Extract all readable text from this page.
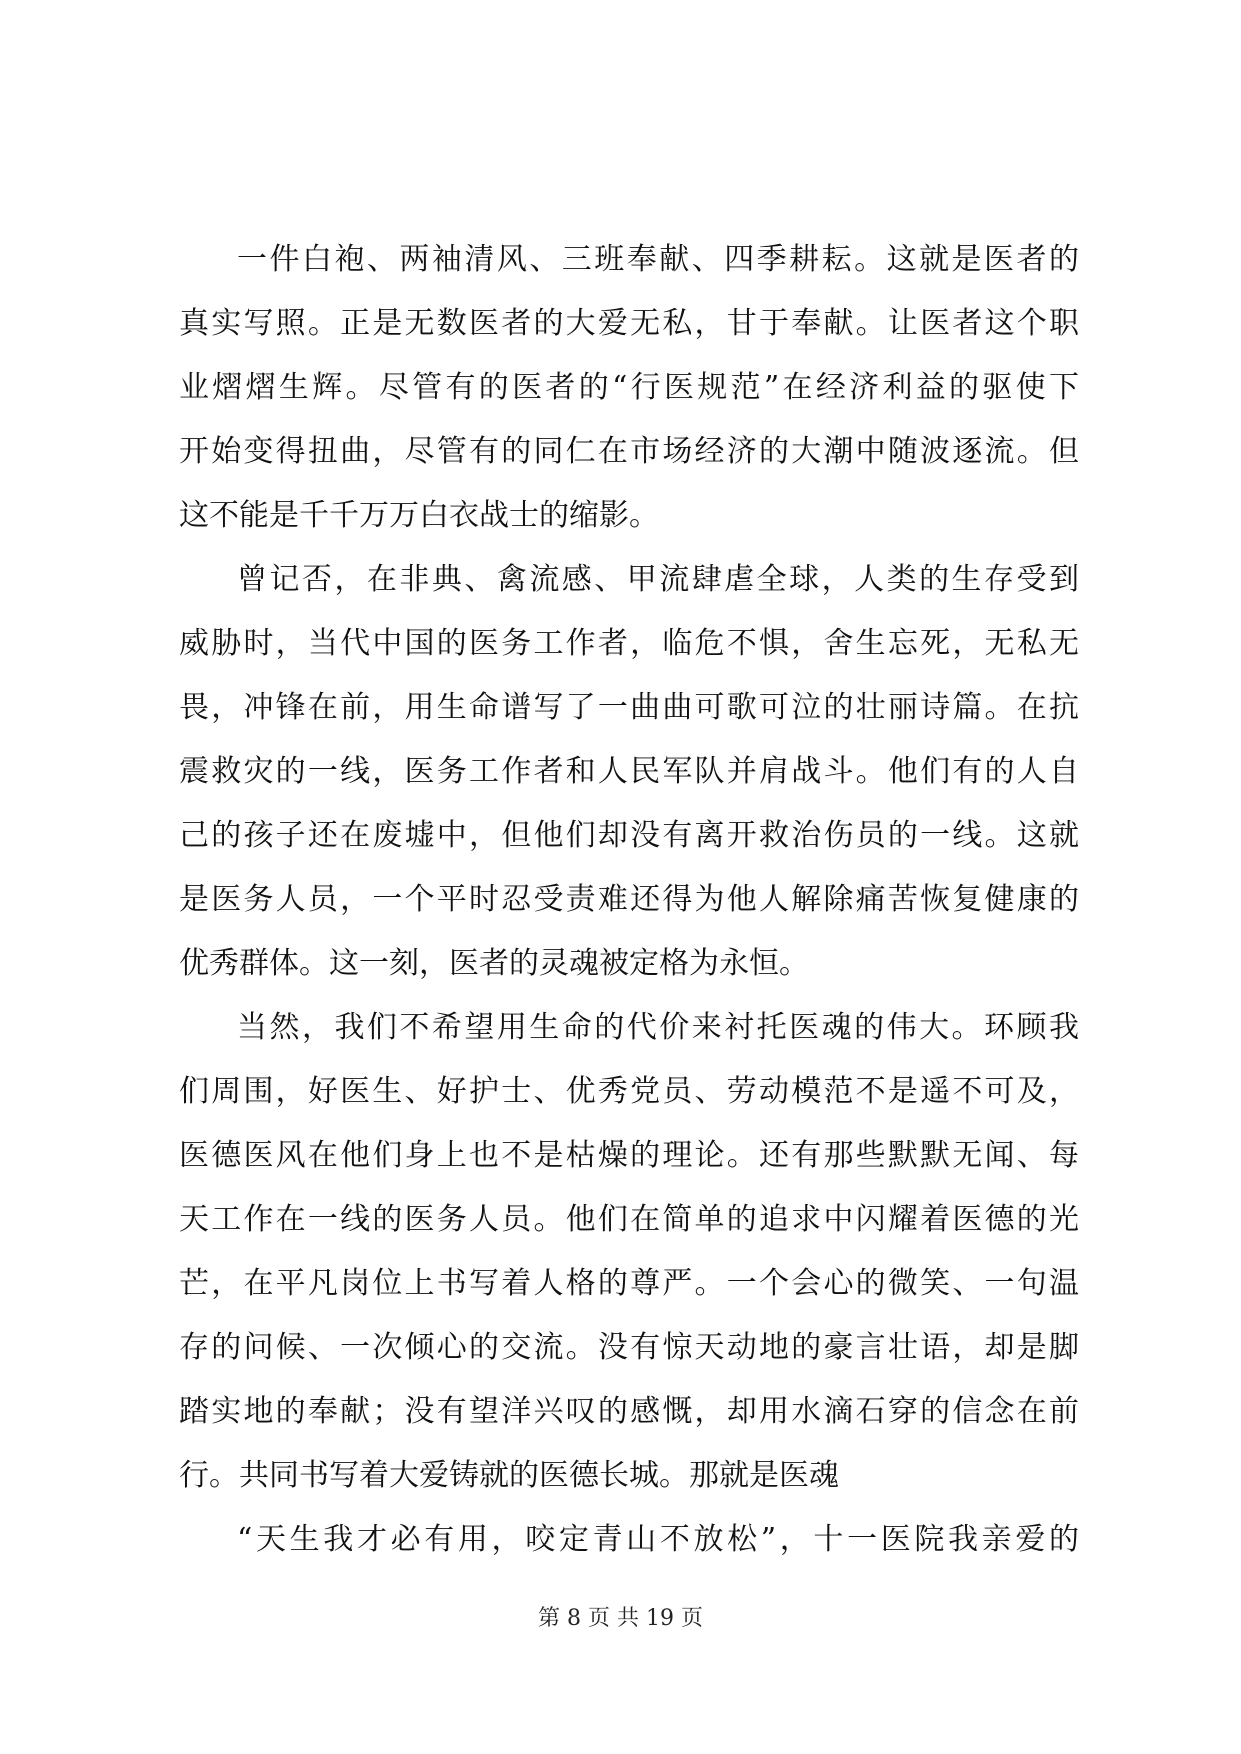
一件白袍、两袖清风、三班奉献、四季耕耘。这就是医者的
真实写照。正是无数医者的大爱无私，甘于奉献。让医者这个职
业熠熠生辉。尽管有的医者的“行医规范”在经济利益的驱使下
开始变得扭曲，尽管有的同仁在市场经济的大潮中随波逐流。但
这不能是千千万万白衣战士的缩影。
曾记否，在非典、禽流感、甲流肆虐全球，人类的生存受到
威胁时，当代中国的医务工作者，临危不惧，舍生忘死，无私无
畏，冲锋在前，用生命谱写了一曲曲可歌可泣的壮丽诗篇。在抗
震救灾的一线，医务工作者和人民军队并肩战斗。他们有的人自
己的孩子还在废墟中，但他们却没有离开救治伤员的一线。这就
是医务人员，一个平时忍受责难还得为他人解除痛苦恢复健康的
优秀群体。这一刻，医者的灵魂被定格为永恒。
当然，我们不希望用生命的代价来衬托医魂的伟大。环顾我
们周围，好医生、好护士、优秀党员、劳动模范不是遥不可及，
医德医风在他们身上也不是枯燥的理论。还有那些默默无闻、每
天工作在一线的医务人员。他们在简单的追求中闪耀着医德的光
芒，在平凡岗位上书写着人格的尊严。一个会心的微笑、一句温
存的问候、一次倾心的交流。没有惊天动地的豪言壮语，却是脚
踏实地的奉献；没有望洋兴叹的感慨，却用水滴石穿的信念在前
行。共同书写着大爱铸就的医德长城。那就是医魂
“天生我才必有用，咬定青山不放松”，十一医院我亲爱的
第 8 页 共 19 页
